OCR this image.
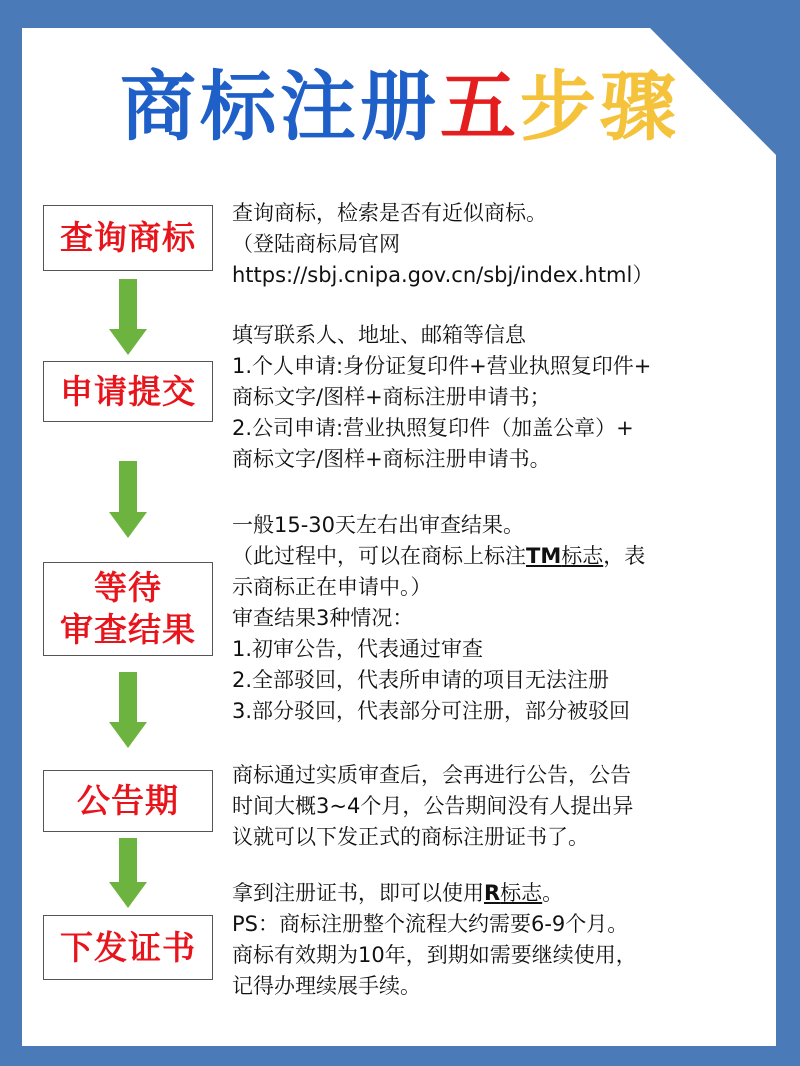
商标注册五步骤
查询商标
查询商标，检索是否有近似商标。
（登陆商标局官网
https://sbj.cnipa.gov.cn/sbj/index.html）
申请提交
填写联系人、地址、邮箱等信息
1.个人申请:身份证复印件+营业执照复印件+
商标文字/图样+商标注册申请书；
2.公司申请:营业执照复印件（加盖公章）+
商标文字/图样+商标注册申请书。
等待
审查结果
一般15-30天左右出审查结果。
（此过程中，可以在商标上标注TM标志，表
示商标正在申请中。）
审查结果3种情况：
1.初审公告，代表通过审查
2.全部驳回，代表所申请的项目无法注册
3.部分驳回，代表部分可注册，部分被驳回
公告期
商标通过实质审查后，会再进行公告，公告
时间大概3~4个月，公告期间没有人提出异
议就可以下发正式的商标注册证书了。
下发证书
拿到注册证书，即可以使用R标志。
PS：商标注册整个流程大约需要6-9个月。
商标有效期为10年，到期如需要继续使用，
记得办理续展手续。
